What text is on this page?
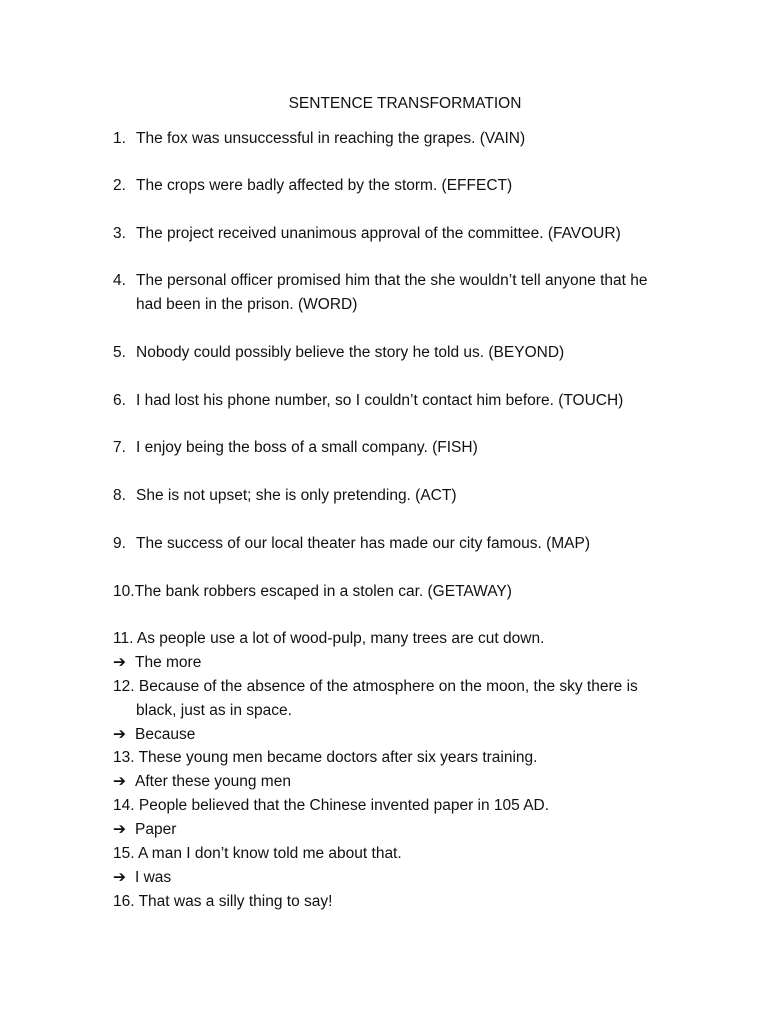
SENTENCE TRANSFORMATION
1. The fox was unsuccessful in reaching the grapes. (VAIN)
2. The crops were badly affected by the storm. (EFFECT)
3. The project received unanimous approval of the committee. (FAVOUR)
4. The personal officer promised him that the she wouldn’t tell anyone that he
had been in the prison. (WORD)
5. Nobody could possibly believe the story he told us. (BEYOND)
6. I had lost his phone number, so I couldn’t contact him before. (TOUCH)
7. I enjoy being the boss of a small company. (FISH)
8. She is not upset; she is only pretending. (ACT)
9. The success of our local theater has made our city famous. (MAP)
10.The bank robbers escaped in a stolen car. (GETAWAY)
11. As people use a lot of wood-pulp, many trees are cut down.
➔ The more
12. Because of the absence of the atmosphere on the moon, the sky there is
black, just as in space.
➔ Because
13. These young men became doctors after six years training.
➔ After these young men
14. People believed that the Chinese invented paper in 105 AD.
➔ Paper
15. A man I don’t know told me about that.
➔ I was
16. That was a silly thing to say!
